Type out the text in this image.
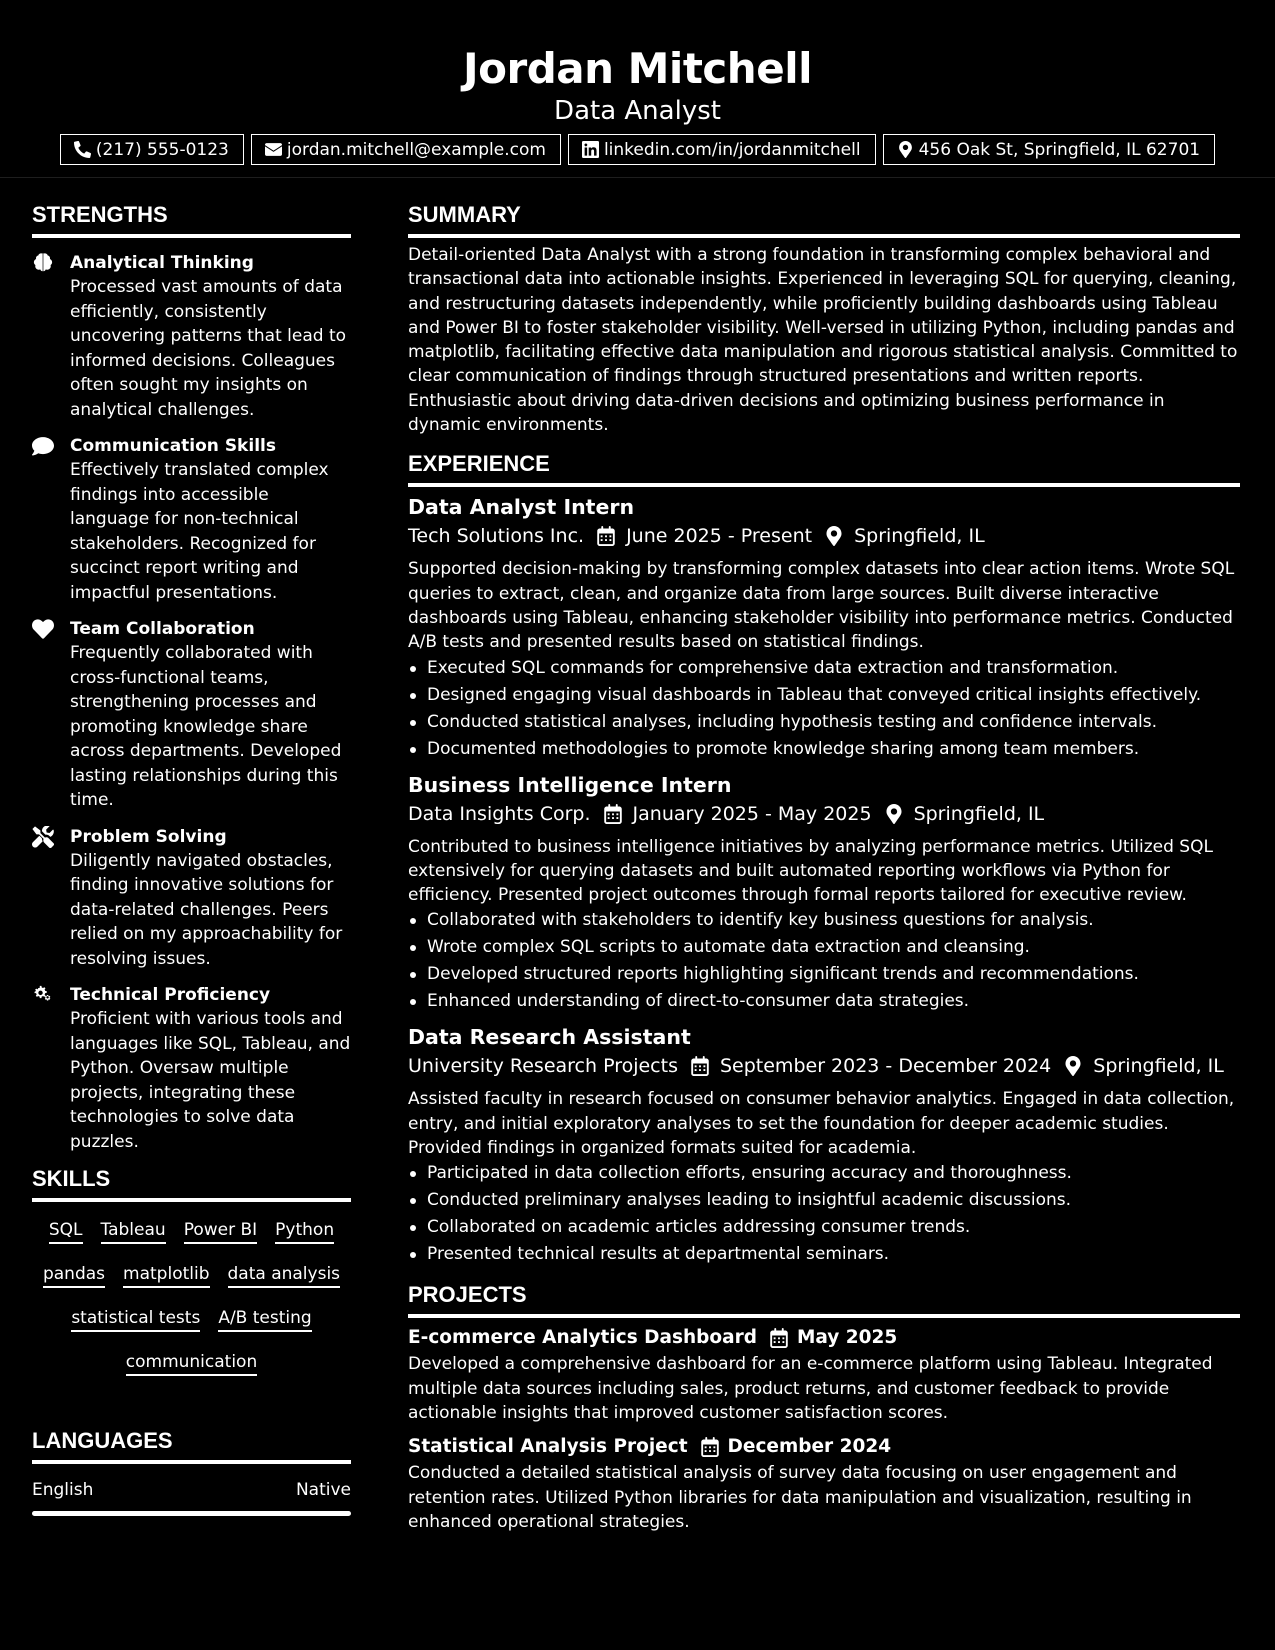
Jordan Mitchell
Data Analyst
(217) 555-0123	jordan.mitchell@example.com	linkedin.com/in/jordanmitchell	456 Oak St, Springfield, IL 62701
STRENGTHS
Analytical Thinking
Processed vast amounts of data efficiently, consistently uncovering patterns that lead to informed decisions. Colleagues often sought my insights on analytical challenges.
Communication Skills
Effectively translated complex findings into accessible language for non-technical stakeholders. Recognized for succinct report writing and impactful presentations.
Team Collaboration
Frequently collaborated with cross-functional teams, strengthening processes and promoting knowledge share across departments. Developed lasting relationships during this time.
Problem Solving
Diligently navigated obstacles, finding innovative solutions for data-related challenges. Peers relied on my approachability for resolving issues.
Technical Proficiency
Proficient with various tools and languages like SQL, Tableau, and Python. Oversaw multiple projects, integrating these technologies to solve data puzzles.
SKILLS
SQL Tableau Power BI Python
pandas matplotlib data analysis
statistical tests A/B testing
communication
LANGUAGES
English	Native
SUMMARY
Detail-oriented Data Analyst with a strong foundation in transforming complex behavioral and transactional data into actionable insights. Experienced in leveraging SQL for querying, cleaning, and restructuring datasets independently, while proficiently building dashboards using Tableau and Power BI to foster stakeholder visibility. Well-versed in utilizing Python, including pandas and matplotlib, facilitating effective data manipulation and rigorous statistical analysis. Committed to clear communication of findings through structured presentations and written reports. Enthusiastic about driving data-driven decisions and optimizing business performance in dynamic environments.
EXPERIENCE
Data Analyst Intern
Tech Solutions Inc. June 2025 - Present Springfield, IL
Supported decision-making by transforming complex datasets into clear action items. Wrote SQL queries to extract, clean, and organize data from large sources. Built diverse interactive dashboards using Tableau, enhancing stakeholder visibility into performance metrics. Conducted A/B tests and presented results based on statistical findings.
Executed SQL commands for comprehensive data extraction and transformation.
Designed engaging visual dashboards in Tableau that conveyed critical insights effectively.
Conducted statistical analyses, including hypothesis testing and confidence intervals.
Documented methodologies to promote knowledge sharing among team members.
Business Intelligence Intern
Data Insights Corp. January 2025 - May 2025 Springfield, IL
Contributed to business intelligence initiatives by analyzing performance metrics. Utilized SQL extensively for querying datasets and built automated reporting workflows via Python for efficiency. Presented project outcomes through formal reports tailored for executive review.
Collaborated with stakeholders to identify key business questions for analysis.
Wrote complex SQL scripts to automate data extraction and cleansing.
Developed structured reports highlighting significant trends and recommendations.
Enhanced understanding of direct-to-consumer data strategies.
Data Research Assistant
University Research Projects September 2023 - December 2024 Springfield, IL
Assisted faculty in research focused on consumer behavior analytics. Engaged in data collection, entry, and initial exploratory analyses to set the foundation for deeper academic studies. Provided findings in organized formats suited for academia.
Participated in data collection efforts, ensuring accuracy and thoroughness.
Conducted preliminary analyses leading to insightful academic discussions.
Collaborated on academic articles addressing consumer trends.
Presented technical results at departmental seminars.
PROJECTS
E-commerce Analytics Dashboard May 2025
Developed a comprehensive dashboard for an e-commerce platform using Tableau. Integrated multiple data sources including sales, product returns, and customer feedback to provide actionable insights that improved customer satisfaction scores.
Statistical Analysis Project December 2024
Conducted a detailed statistical analysis of survey data focusing on user engagement and retention rates. Utilized Python libraries for data manipulation and visualization, resulting in enhanced operational strategies.
